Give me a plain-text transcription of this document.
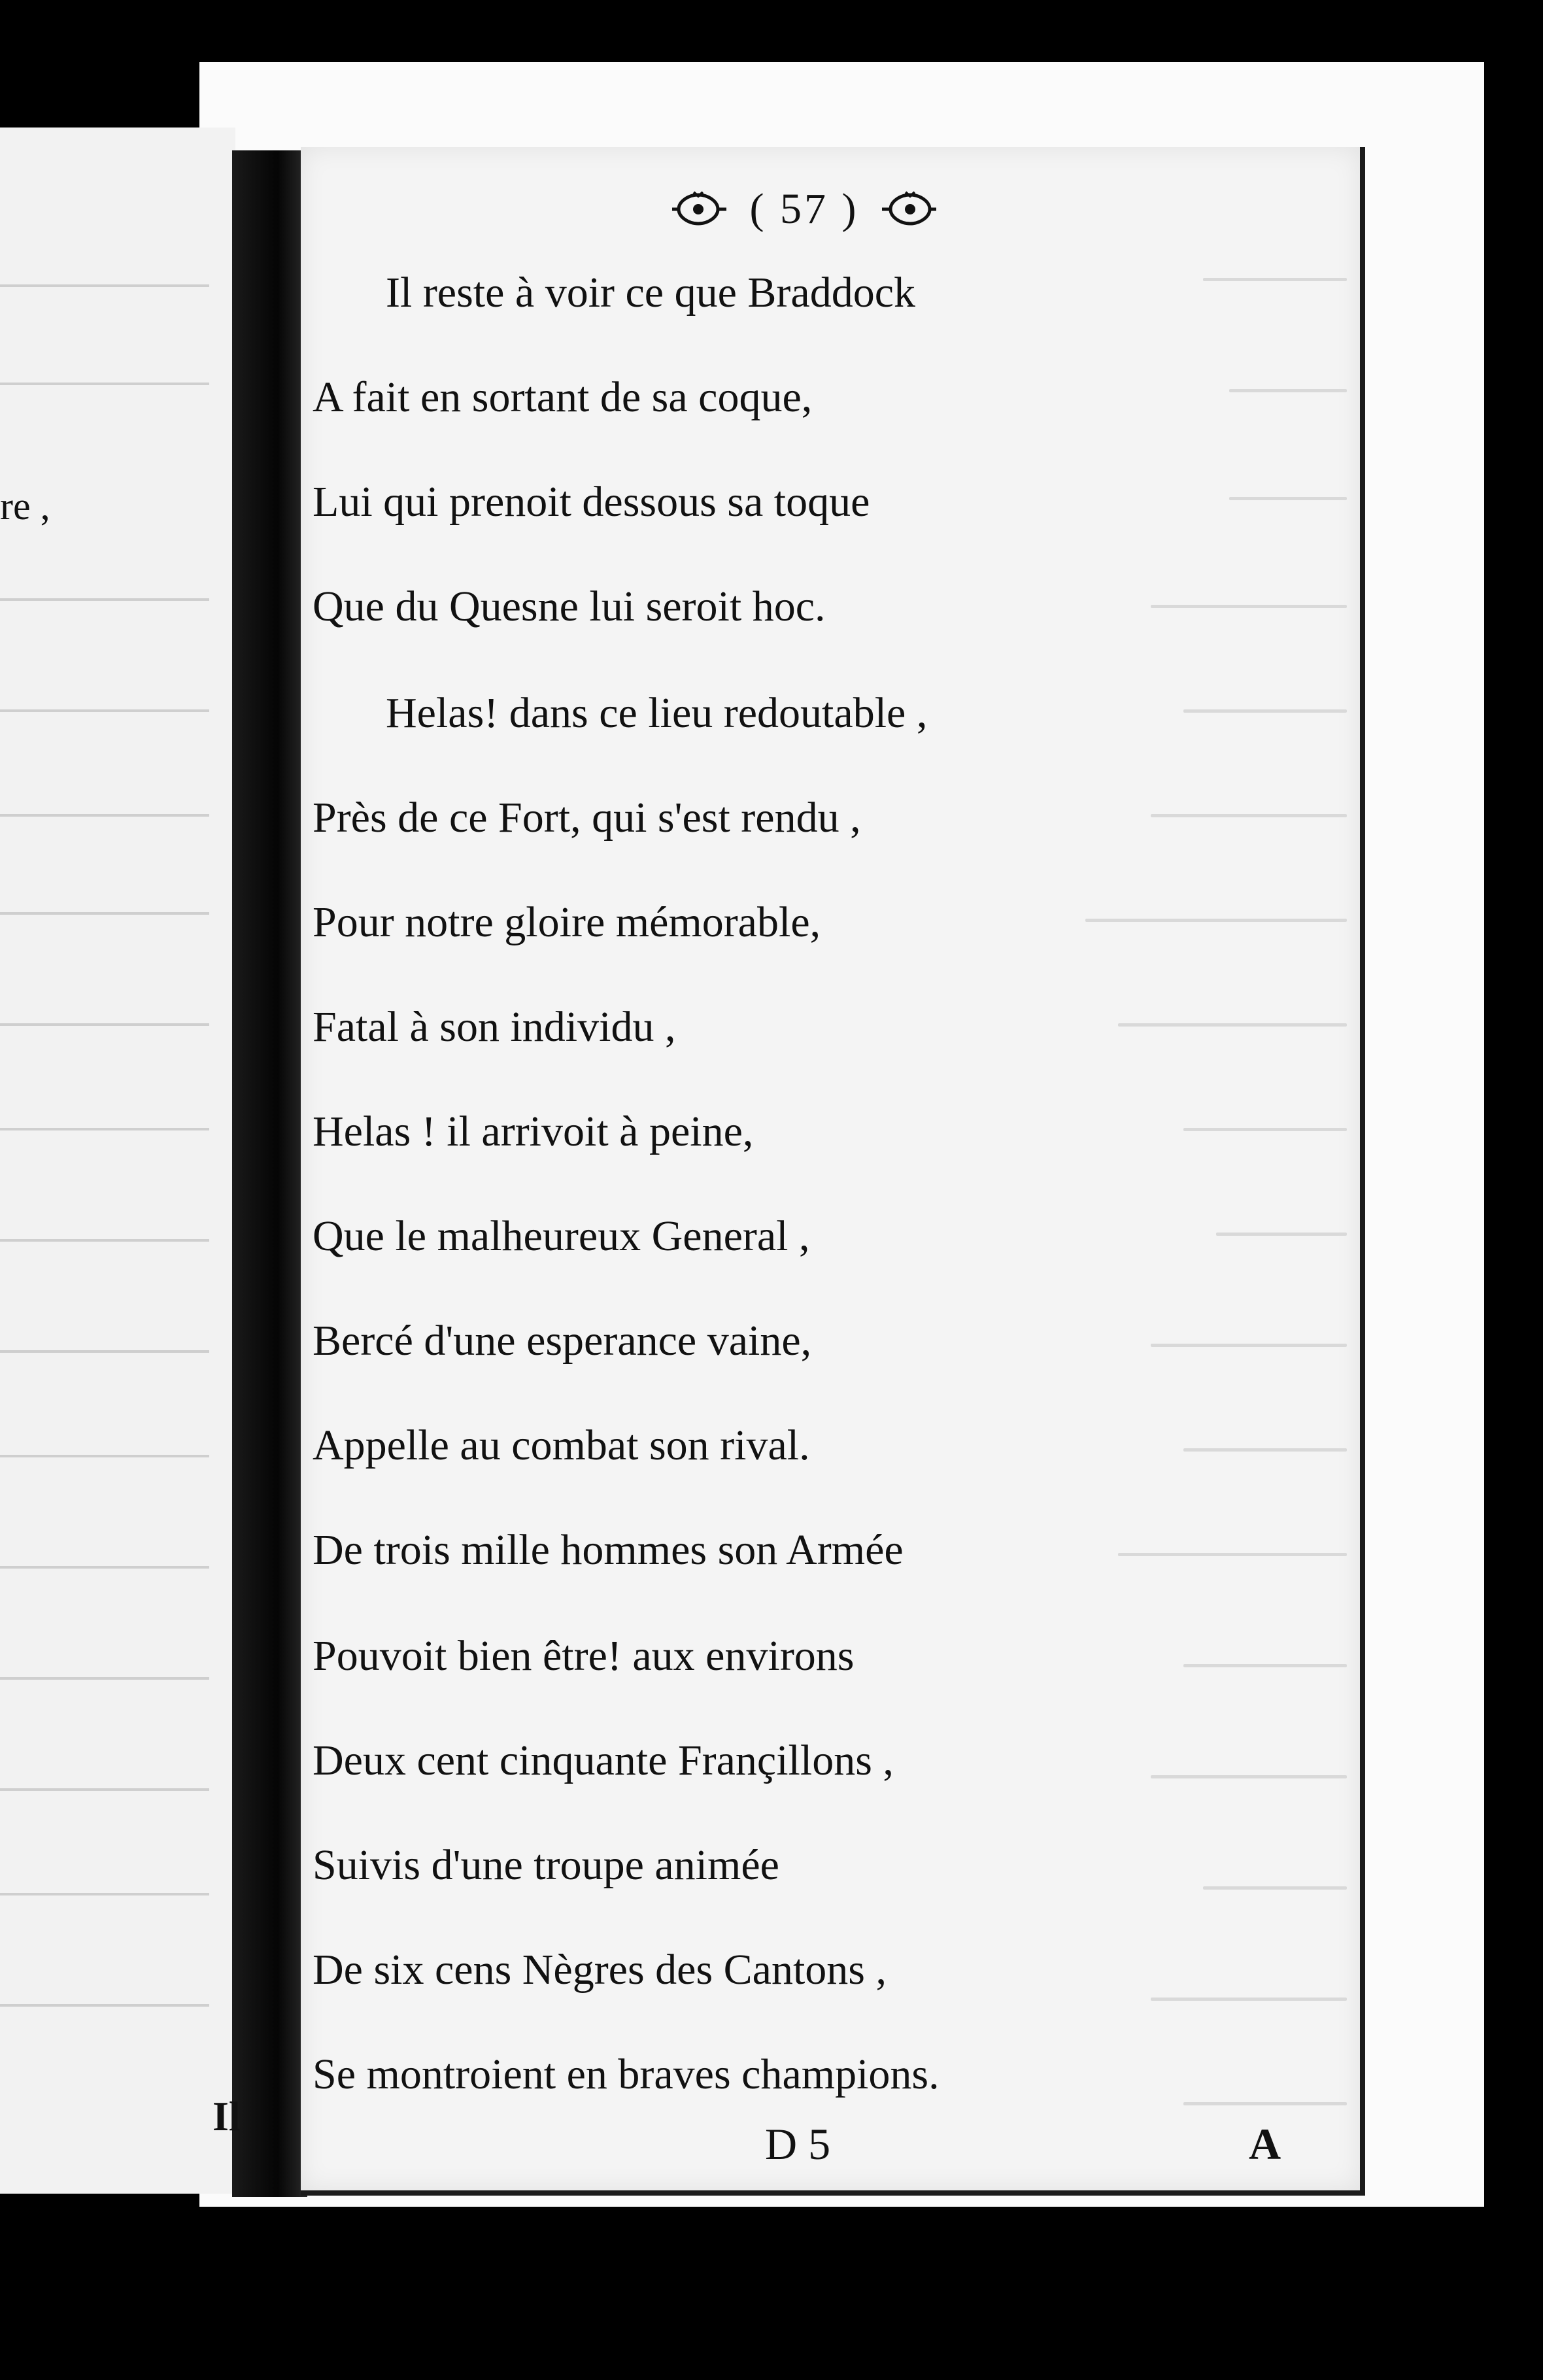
re ,
( 57 )
Il reste à voir ce que Braddock
A fait en sortant de sa coque,
Lui qui prenoit dessous sa toque
Que du Quesne lui seroit hoc.
Helas! dans ce lieu redoutable ,
Près de ce Fort, qui s'est rendu ,
Pour notre gloire mémorable,
Fatal à son individu ,
Helas ! il arrivoit à peine,
Que le malheureux General ,
Bercé d'une esperance vaine,
Appelle au combat son rival.
De trois mille hommes son Armée
Pouvoit bien être! aux environs
Deux cent cinquante Françillons ,
Suivis d'une troupe animée
De six cens Nègres des Cantons ,
Se montroient en braves champions.
Il
D 5	A
